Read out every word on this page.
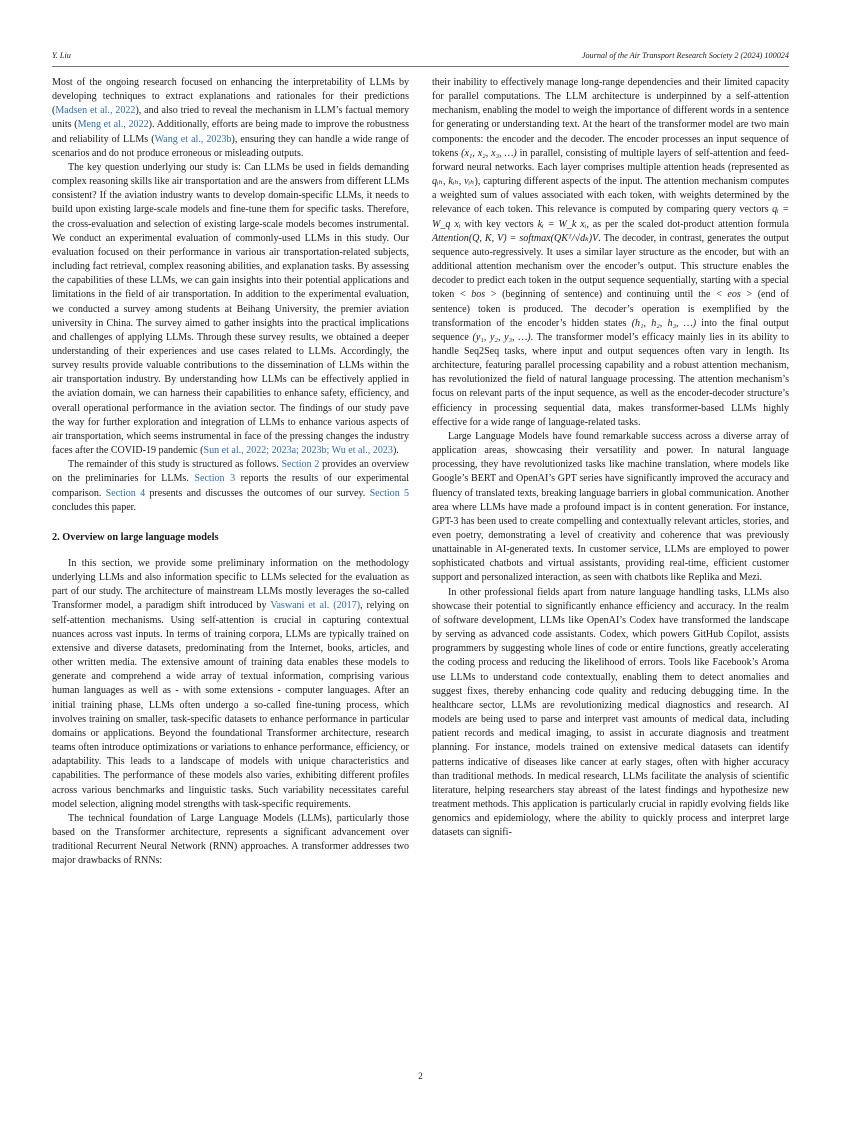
Y. Liu	Journal of the Air Transport Research Society 2 (2024) 100024

Most of the ongoing research focused on enhancing the interpretability of LLMs by developing techniques to extract explanations and rationales for their predictions (Madsen et al., 2022), and also tried to reveal the mechanism in LLM’s factual memory units (Meng et al., 2022). Additionally, efforts are being made to improve the robustness and reliability of LLMs (Wang et al., 2023b), ensuring they can handle a wide range of scenarios and do not produce erroneous or misleading outputs.

The key question underlying our study is: Can LLMs be used in fields demanding complex reasoning skills like air transportation and are the answers from different LLMs consistent? If the aviation industry wants to develop domain-specific LLMs, it needs to build upon existing large-scale models and fine-tune them for specific tasks. Therefore, the cross-evaluation and selection of existing large-scale models becomes instrumental. We conduct an experimental evaluation of commonly-used LLMs in this study. Our evaluation focused on their performance in various air transportation-related subjects, including fact retrieval, complex reasoning abilities, and explanation tasks. By assessing the capabilities of these LLMs, we can gain insights into their potential applications and limitations in the field of air transportation. In addition to the experimental evaluation, we conducted a survey among students at Beihang University, the premier aviation university in China. The survey aimed to gather insights into the practical implications and challenges of applying LLMs. Through these survey results, we obtained a deeper understanding of their experiences and use cases related to LLMs. Accordingly, the survey results provide valuable contributions to the dissemination of LLMs within the air transportation industry. By understanding how LLMs can be effectively applied in the aviation domain, we can harness their capabilities to enhance safety, efficiency, and overall operational performance in the aviation sector. The findings of our study pave the way for further exploration and integration of LLMs to enhance various aspects of air transportation, which seems instrumental in face of the pressing changes the industry faces after the COVID-19 pandemic (Sun et al., 2022; 2023a; 2023b; Wu et al., 2023).

The remainder of this study is structured as follows. Section 2 provides an overview on the preliminaries for LLMs. Section 3 reports the results of our experimental comparison. Section 4 presents and discusses the outcomes of our survey. Section 5 concludes this paper.

2. Overview on large language models

In this section, we provide some preliminary information on the methodology underlying LLMs and also information specific to LLMs selected for the evaluation as part of our study. The architecture of mainstream LLMs mostly leverages the so-called Transformer model, a paradigm shift introduced by Vaswani et al. (2017), relying on self-attention mechanisms. Using self-attention is crucial in capturing contextual nuances across vast inputs. In terms of training corpora, LLMs are typically trained on extensive and diverse datasets, predominating from the Internet, books, articles, and other written media. The extensive amount of training data enables these models to generate and comprehend a wide array of textual information, comprising various human languages as well as - with some extensions - computer languages. After an initial training phase, LLMs often undergo a so-called fine-tuning process, which involves training on smaller, task-specific datasets to enhance performance in particular domains or applications. Beyond the foundational Transformer architecture, research teams often introduce optimizations or variations to enhance performance, efficiency, or adaptability. This leads to a landscape of models with unique characteristics and capabilities. The performance of these models also varies, exhibiting different profiles across various benchmarks and linguistic tasks. Such variability necessitates careful model selection, aligning model strengths with task-specific requirements.

The technical foundation of Large Language Models (LLMs), particularly those based on the Transformer architecture, represents a significant advancement over traditional Recurrent Neural Network (RNN) approaches. A transformer addresses two major drawbacks of RNNs:

their inability to effectively manage long-range dependencies and their limited capacity for parallel computations. The LLM architecture is underpinned by a self-attention mechanism, enabling the model to weigh the importance of different words in a sentence for generating or understanding text. At the heart of the transformer model are two main components: the encoder and the decoder. The encoder processes an input sequence of tokens (x₁, x₂, x₃, …) in parallel, consisting of multiple layers of self-attention and feed-forward neural networks. Each layer comprises multiple attention heads (represented as qᵢₕ, kᵢₕ, vᵢₕ), capturing different aspects of the input. The attention mechanism computes a weighted sum of values associated with each token, with weights determined by the relevance of each token. This relevance is computed by comparing query vectors qᵢ = W_q xᵢ with key vectors kᵢ = W_k xᵢ, as per the scaled dot-product attention formula Attention(Q, K, V) = softmax(QKᵀ/√dₖ)V. The decoder, in contrast, generates the output sequence auto-regressively. It uses a similar layer structure as the encoder, but with an additional attention mechanism over the encoder’s output. This structure enables the decoder to predict each token in the output sequence sequentially, starting with a special token < bos > (beginning of sentence) and continuing until the < eos > (end of sentence) token is produced. The decoder’s operation is exemplified by the transformation of the encoder’s hidden states (h₁, h₂, h₃, …) into the final output sequence (y₁, y₂, y₃, …). The transformer model’s efficacy mainly lies in its ability to handle Seq2Seq tasks, where input and output sequences often vary in length. Its architecture, featuring parallel processing capability and a robust attention mechanism, has revolutionized the field of natural language processing. The attention mechanism’s focus on relevant parts of the input sequence, as well as the encoder-decoder structure’s efficiency in processing sequential data, makes transformer-based LLMs highly effective for a wide range of language-related tasks.

Large Language Models have found remarkable success across a diverse array of application areas, showcasing their versatility and power. In natural language processing, they have revolutionized tasks like machine translation, where models like Google’s BERT and OpenAI’s GPT series have significantly improved the accuracy and fluency of translated texts, breaking language barriers in global communication. Another area where LLMs have made a profound impact is in content generation. For instance, GPT-3 has been used to create compelling and contextually relevant articles, stories, and even poetry, demonstrating a level of creativity and coherence that was previously unattainable in AI-generated texts. In customer service, LLMs are employed to power sophisticated chatbots and virtual assistants, providing real-time, efficient customer support and personalized interaction, as seen with chatbots like Replika and Mezi.

In other professional fields apart from nature language handling tasks, LLMs also showcase their potential to significantly enhance efficiency and accuracy. In the realm of software development, LLMs like OpenAI’s Codex have transformed the landscape by serving as advanced code assistants. Codex, which powers GitHub Copilot, assists programmers by suggesting whole lines of code or entire functions, greatly accelerating the coding process and reducing the likelihood of errors. Tools like Facebook’s Aroma use LLMs to understand code contextually, enabling them to detect anomalies and suggest fixes, thereby enhancing code quality and reducing debugging time. In the healthcare sector, LLMs are revolutionizing medical diagnostics and research. AI models are being used to parse and interpret vast amounts of medical data, including patient records and medical imaging, to assist in accurate diagnosis and treatment planning. For instance, models trained on extensive medical datasets can identify patterns indicative of diseases like cancer at early stages, often with higher accuracy than traditional methods. In medical research, LLMs facilitate the analysis of scientific literature, helping researchers stay abreast of the latest findings and hypothesize new treatment methods. This application is particularly crucial in rapidly evolving fields like genomics and epidemiology, where the ability to quickly process and interpret large datasets can signifi-

2
